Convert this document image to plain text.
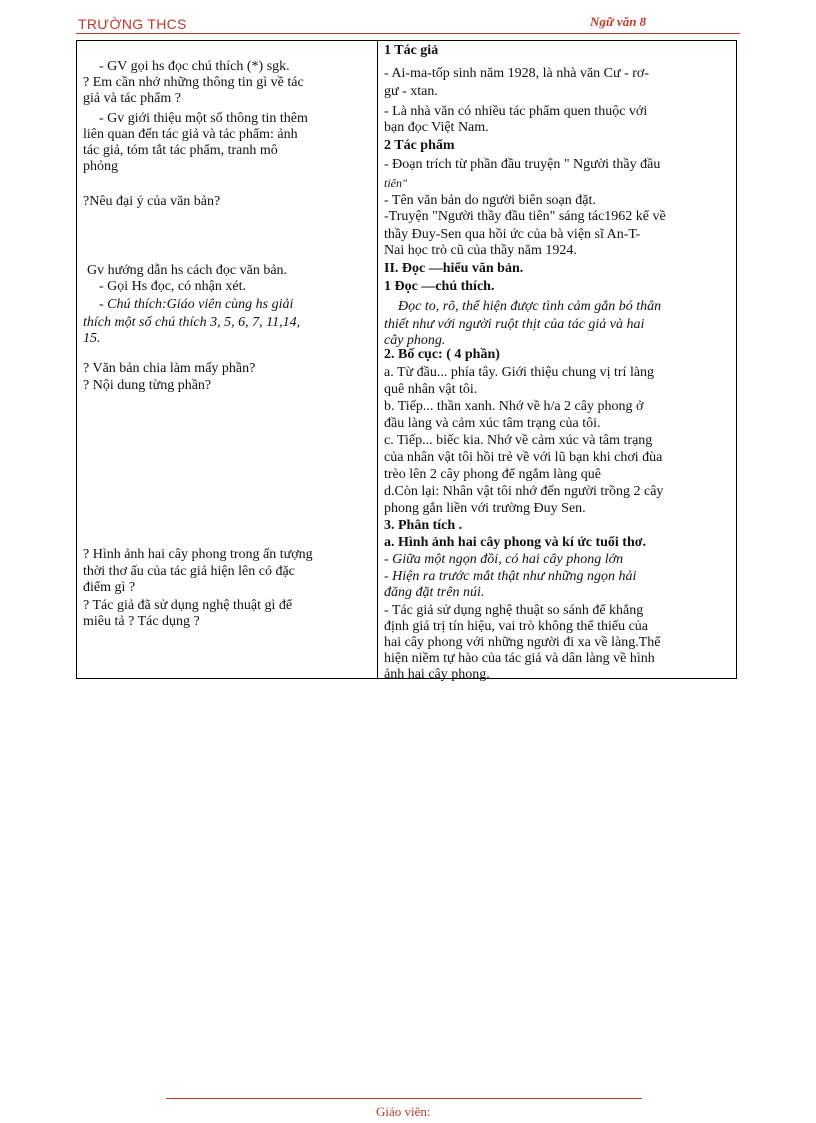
TRƯỜNG THCS	Ngữ văn 8
- GV gọi hs đọc chú thích (*) sgk.
? Em cần nhớ những thông tin gì về tác
giả và tác phẩm ?
- Gv giới thiệu một số thông tin thêm
liên quan đến tác giả và tác phẩm: ảnh
tác giả, tóm tắt tác phẩm, tranh mô
phỏng
?Nêu đại ý của văn bản?
Gv hướng dẫn hs cách đọc văn bản.
- Gọi Hs đọc, có nhận xét.
- Chú thích:Giáo viên cùng hs giải
thích một số chú thích 3, 5, 6, 7, 11,14,
15.
? Văn bản chia làm mấy phần?
? Nội dung từng phần?
? Hình ảnh hai cây phong trong ấn tượng
thời thơ ấu của tác giả hiện lên có đặc
điểm gì ?
? Tác giả đã sử dụng nghệ thuật gì để
miêu tả ? Tác dụng ?
1 Tác giả
- Ai-ma-tốp sinh năm 1928, là nhà văn Cư - rơ-
gư - xtan.
- Là nhà văn có nhiều tác phẩm quen thuộc với
bạn đọc Việt Nam.
2 Tác phẩm
- Đoạn trích từ phần đầu truyện " Người thầy đầu
tiên"
- Tên văn bản do người biên soạn đặt.
-Truyện "Người thầy đầu tiên" sáng tác1962 kể về
thầy Đuy-Sen qua hồi ức của bà viện sĩ An-T-
Nai học trò cũ của thầy năm 1924.
II. Đọc —hiểu văn bản.
1 Đọc —chú thích.
Đọc to, rõ, thể hiện được tình cảm gắn bó thân
thiết như với người ruột thịt của tác giả và hai
cây phong.
2. Bố cục: ( 4 phần)
a. Từ đầu... phía tây. Giới thiệu chung vị trí làng
quê nhân vật tôi.
b. Tiếp... thần xanh. Nhớ về h/a 2 cây phong ở
đầu làng và cảm xúc tâm trạng của tôi.
c. Tiếp... biếc kia. Nhớ về cảm xúc và tâm trạng
của nhân vật tôi hồi trẻ về với lũ bạn khi chơi đùa
trèo lên 2 cây phong để ngắm làng quê
d.Còn lại: Nhân vật tôi nhớ đến người trồng 2 cây
phong gắn liền với trường Đuy Sen.
3. Phân tích .
a. Hình ảnh hai cây phong và kí ức tuổi thơ.
- Giữa một ngọn đồi, có hai cây phong lớn
- Hiện ra trước mắt thật như những ngọn hải
đăng đặt trên núi.
- Tác giả sử dụng nghệ thuật so sánh để khẳng
định giá trị tín hiệu, vai trò không thể thiếu của
hai cây phong với những người đi xa về làng.Thể
hiện niềm tự hào của tác giả và dân làng về hình
ảnh hai cây phong.
Giáo viên:
